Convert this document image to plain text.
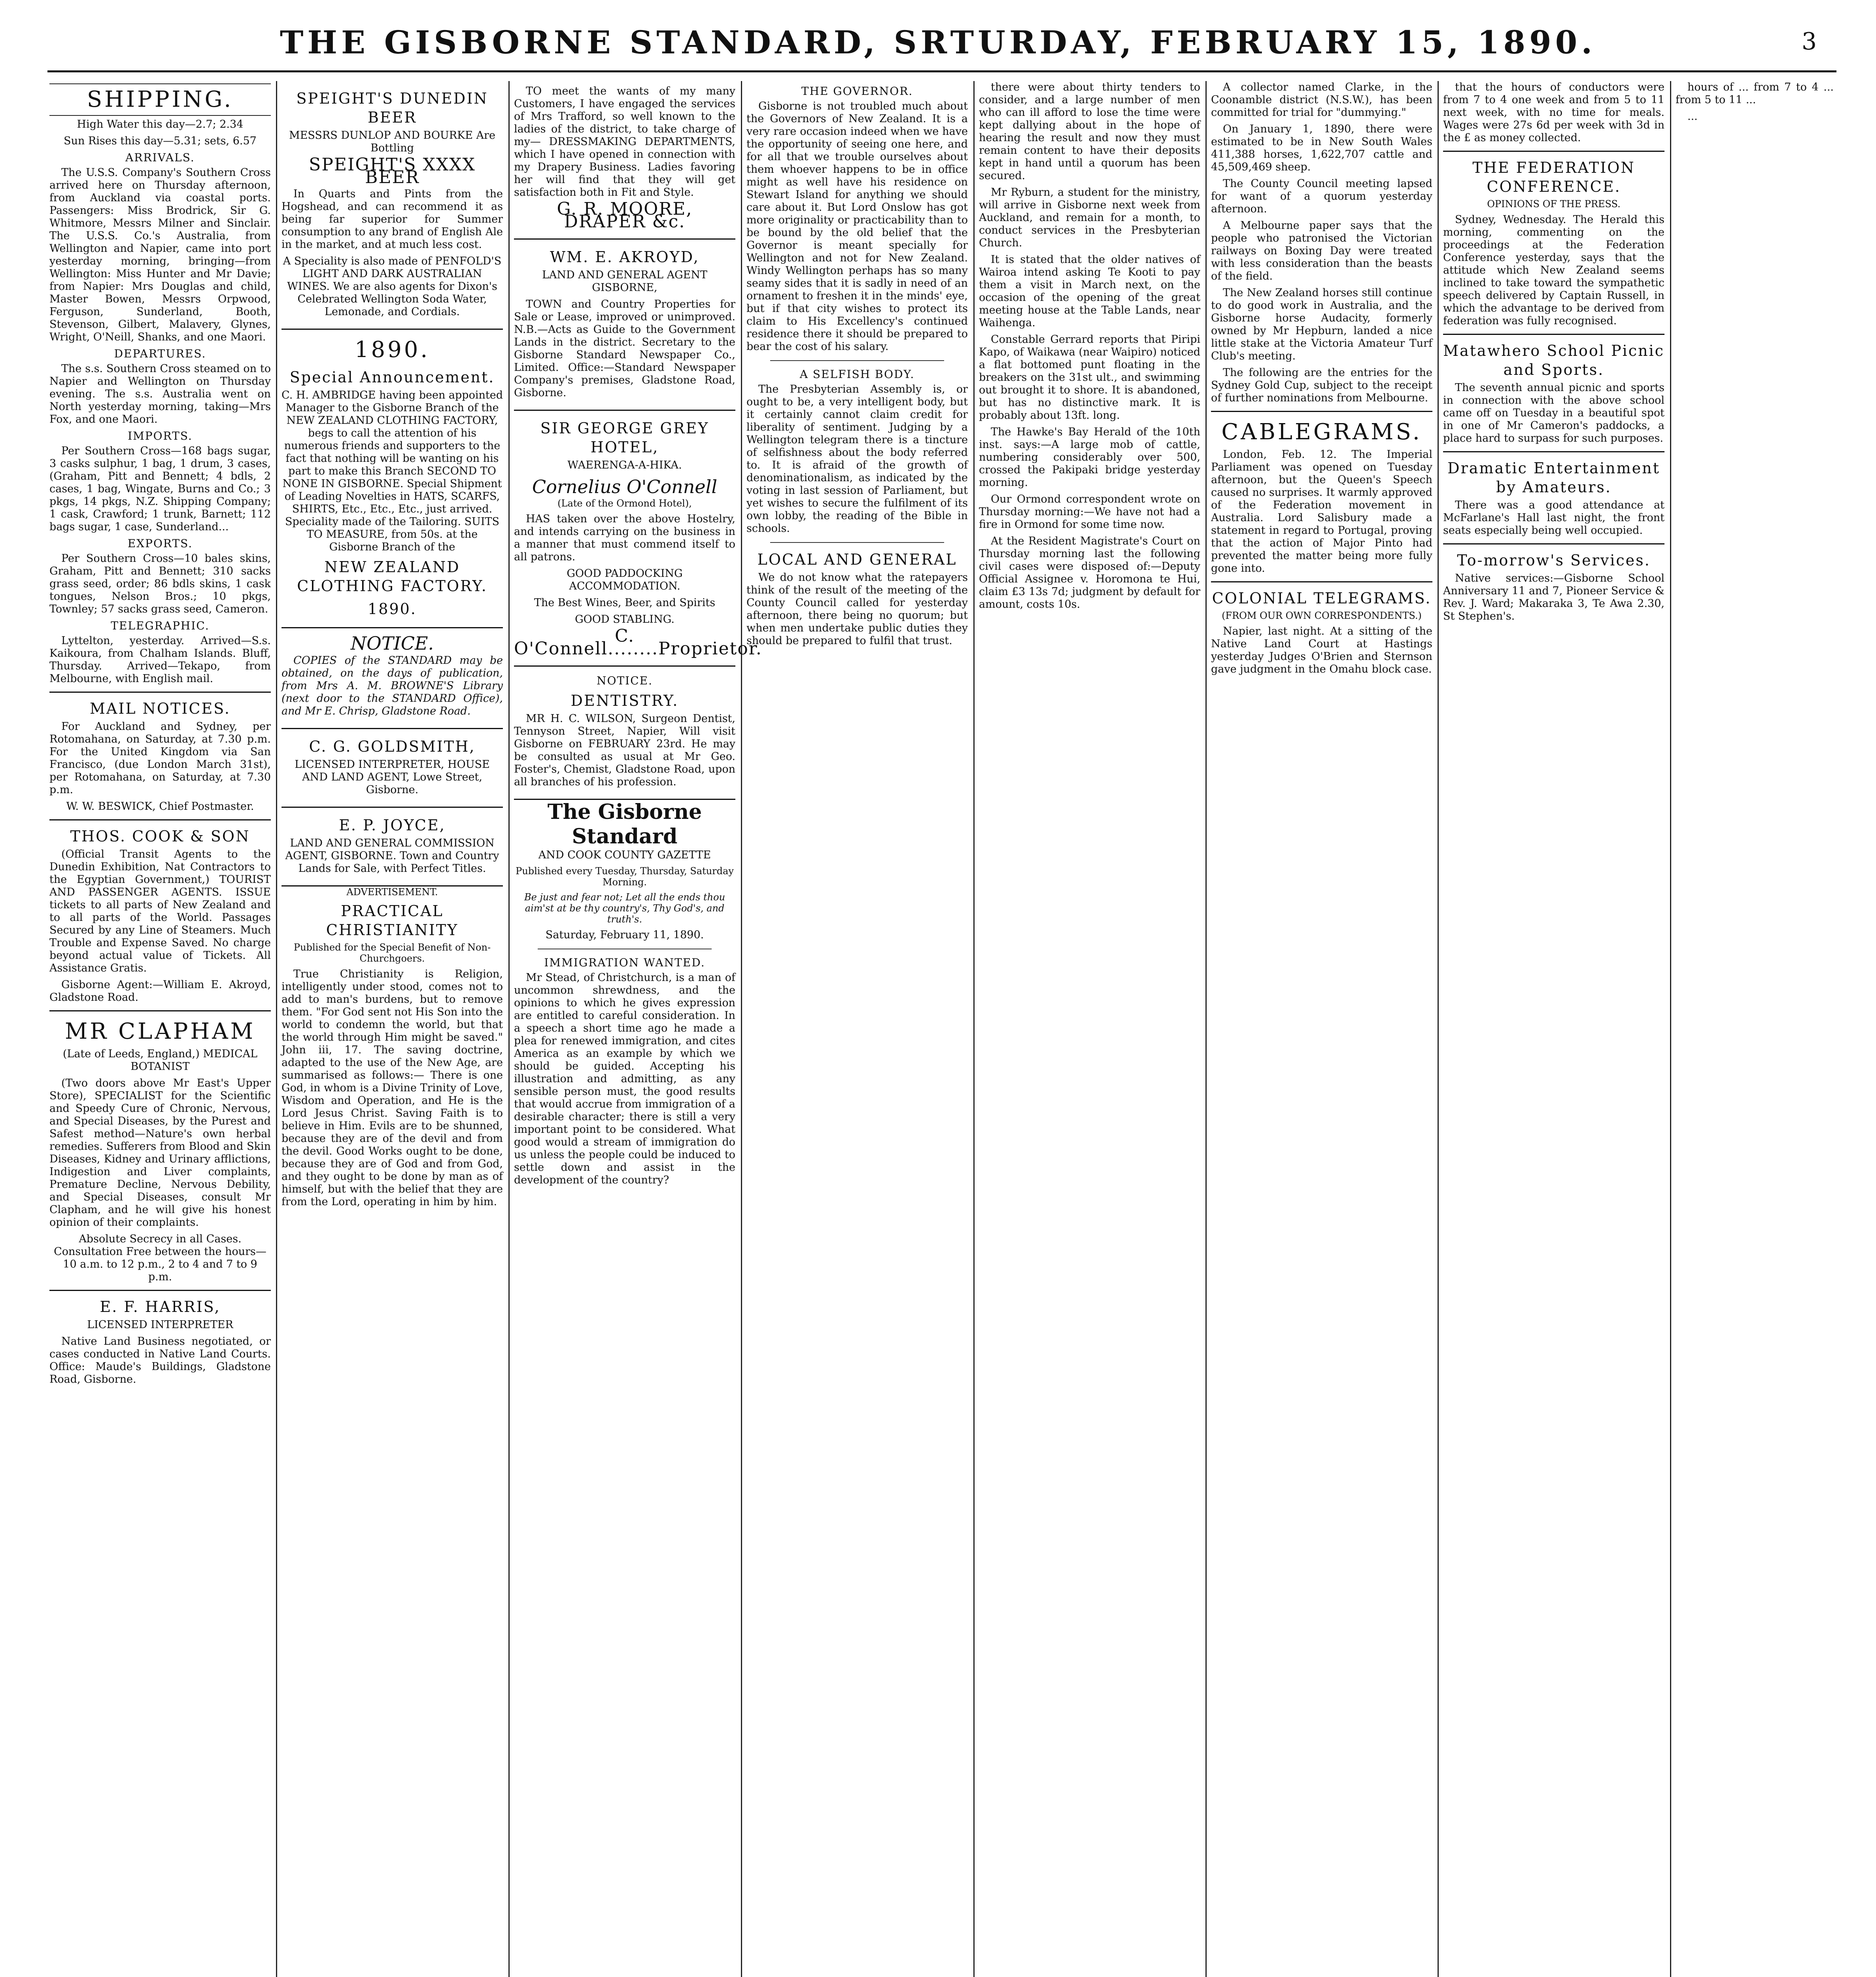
THE GISBORNE STANDARD, SRTURDAY, FEBRUARY 15, 1890.	3
SHIPPING.

High Water this day—2.7; 2.34

Sun Rises this day—5.31; sets, 6.57

ARRIVALS.

The U.S.S. Company's Southern Cross arrived here on Thursday afternoon, from Auckland via coastal ports. Passengers: Miss Brodrick, Sir G. Whitmore, Messrs Milner and Sinclair. The U.S.S. Co.'s Australia, from Wellington and Napier, came into port yesterday morning, bringing—from Wellington: Miss Hunter and Mr Davie; from Napier: Mrs Douglas and child, Master Bowen, Messrs Orpwood, Ferguson, Sunderland, Booth, Stevenson, Gilbert, Malavery, Glynes, Wright, O'Neill, Shanks, and one Maori.

DEPARTURES.

The s.s. Southern Cross steamed on to Napier and Wellington on Thursday evening. The s.s. Australia went on North yesterday morning, taking—Mrs Fox, and one Maori.

IMPORTS.

Per Southern Cross—168 bags sugar, 3 casks sulphur, 1 bag, 1 drum, 3 cases, (Graham, Pitt and Bennett; 4 bdls, 2 cases, 1 bag, Wingate, Burns and Co.; 3 pkgs, 14 pkgs, N.Z. Shipping Company; 1 cask, Crawford; 1 trunk, Barnett; 112 bags sugar, 1 case, Sunderland...

EXPORTS.

Per Southern Cross—10 bales skins, Graham, Pitt and Bennett; 310 sacks grass seed, order; 86 bdls skins, 1 cask tongues, Nelson Bros.; 10 pkgs, Townley; 57 sacks grass seed, Cameron.

TELEGRAPHIC.

Lyttelton, yesterday. Arrived—S.s. Kaikoura, from Chalham Islands. Bluff, Thursday. Arrived—Tekapo, from Melbourne, with English mail.

MAIL NOTICES.

For Auckland and Sydney, per Rotomahana, on Saturday, at 7.30 p.m. For the United Kingdom via San Francisco, (due London March 31st), per Rotomahana, on Saturday, at 7.30 p.m.

W. W. BESWICK, Chief Postmaster.

THOS. COOK & SON

(Official Transit Agents to the Dunedin Exhibition, Nat Contractors to the Egyptian Government,) TOURIST AND PASSENGER AGENTS. ISSUE tickets to all parts of New Zealand and to all parts of the World. Passages Secured by any Line of Steamers. Much Trouble and Expense Saved. No charge beyond actual value of Tickets. All Assistance Gratis.

Gisborne Agent:—William E. Akroyd, Gladstone Road.

MR CLAPHAM

(Late of Leeds, England,) MEDICAL BOTANIST

(Two doors above Mr East's Upper Store), SPECIALIST for the Scientific and Speedy Cure of Chronic, Nervous, and Special Diseases, by the Purest and Safest method—Nature's own herbal remedies. Sufferers from Blood and Skin Diseases, Kidney and Urinary afflictions, Indigestion and Liver complaints, Premature Decline, Nervous Debility, and Special Diseases, consult Mr Clapham, and he will give his honest opinion of their complaints.

Absolute Secrecy in all Cases. Consultation Free between the hours—10 a.m. to 12 p.m., 2 to 4 and 7 to 9 p.m.

E. F. HARRIS,

LICENSED INTERPRETER

Native Land Business negotiated, or cases conducted in Native Land Courts. Office: Maude's Buildings, Gladstone Road, Gisborne.

SPEIGHT'S DUNEDIN BEER

MESSRS DUNLOP AND BOURKE Are Bottling

SPEIGHT'S XXXX BEER

In Quarts and Pints from the Hogshead, and can recommend it as being far superior for Summer consumption to any brand of English Ale in the market, and at much less cost.

A Speciality is also made of PENFOLD'S LIGHT AND DARK AUSTRALIAN WINES. We are also agents for Dixon's Celebrated Wellington Soda Water, Lemonade, and Cordials.

1890.
Special Announcement.

C. H. AMBRIDGE having been appointed Manager to the Gisborne Branch of the NEW ZEALAND CLOTHING FACTORY, begs to call the attention of his numerous friends and supporters to the fact that nothing will be wanting on his part to make this Branch SECOND TO NONE IN GISBORNE. Special Shipment of Leading Novelties in HATS, SCARFS, SHIRTS, Etc., Etc., Etc., just arrived. Speciality made of the Tailoring. SUITS TO MEASURE, from 50s. at the Gisborne Branch of the

NEW ZEALAND CLOTHING FACTORY.
1890.
NOTICE.

COPIES of the STANDARD may be obtained, on the days of publication, from Mrs A. M. BROWNE'S Library (next door to the STANDARD Office), and Mr E. Chrisp, Gladstone Road.

C. G. GOLDSMITH,

LICENSED INTERPRETER, HOUSE AND LAND AGENT, Lowe Street, Gisborne.

E. P. JOYCE,

LAND AND GENERAL COMMISSION AGENT, GISBORNE. Town and Country Lands for Sale, with Perfect Titles.

ADVERTISEMENT.

PRACTICAL CHRISTIANITY

Published for the Special Benefit of Non-Churchgoers.

True Christianity is Religion, intelligently under stood, comes not to add to man's burdens, but to remove them. "For God sent not His Son into the world to condemn the world, but that the world through Him might be saved." John iii, 17. The saving doctrine, adapted to the use of the New Age, are summarised as follows:— There is one God, in whom is a Divine Trinity of Love, Wisdom and Operation, and He is the Lord Jesus Christ. Saving Faith is to believe in Him. Evils are to be shunned, because they are of the devil and from the devil. Good Works ought to be done, because they are of God and from God, and they ought to be done by man as of himself, but with the belief that they are from the Lord, operating in him by him.

TO meet the wants of my many Customers, I have engaged the services of Mrs Trafford, so well known to the ladies of the district, to take charge of my— DRESSMAKING DEPARTMENTS, which I have opened in connection with my Drapery Business. Ladies favoring her will find that they will get satisfaction both in Fit and Style.

G. R. MOORE, DRAPER &c.

WM. E. AKROYD,

LAND AND GENERAL AGENT GISBORNE,

TOWN and Country Properties for Sale or Lease, improved or unimproved. N.B.—Acts as Guide to the Government Lands in the district. Secretary to the Gisborne Standard Newspaper Co., Limited. Office:—Standard Newspaper Company's premises, Gladstone Road, Gisborne.

SIR GEORGE GREY HOTEL,

WAERENGA-A-HIKA.

Cornelius O'Connell

(Late of the Ormond Hotel),

HAS taken over the above Hostelry, and intends carrying on the business in a manner that must commend itself to all patrons.

GOOD PADDOCKING ACCOMMODATION.

The Best Wines, Beer, and Spirits

GOOD STABLING.

C. O'Connell........Proprietor.

NOTICE.
DENTISTRY.

MR H. C. WILSON, Surgeon Dentist, Tennyson Street, Napier, Will visit Gisborne on FEBRUARY 23rd. He may be consulted as usual at Mr Geo. Foster's, Chemist, Gladstone Road, upon all branches of his profession.

The Gisborne Standard

AND COOK COUNTY GAZETTE

Published every Tuesday, Thursday, Saturday Morning.

Be just and fear not; Let all the ends thou aim'st at be thy country's, Thy God's, and truth's.

Saturday, February 11, 1890.

IMMIGRATION WANTED.

Mr Stead, of Christchurch, is a man of uncommon shrewdness, and the opinions to which he gives expression are entitled to careful consideration. In a speech a short time ago he made a plea for renewed immigration, and cites America as an example by which we should be guided. Accepting his illustration and admitting, as any sensible person must, the good results that would accrue from immigration of a desirable character; there is still a very important point to be considered. What good would a stream of immigration do us unless the people could be induced to settle down and assist in the development of the country?

THE GOVERNOR.

Gisborne is not troubled much about the Governors of New Zealand. It is a very rare occasion indeed when we have the opportunity of seeing one here, and for all that we trouble ourselves about them whoever happens to be in office might as well have his residence on Stewart Island for anything we should care about it. But Lord Onslow has got more originality or practicability than to be bound by the old belief that the Governor is meant specially for Wellington and not for New Zealand. Windy Wellington perhaps has so many seamy sides that it is sadly in need of an ornament to freshen it in the minds' eye, but if that city wishes to protect its claim to His Excellency's continued residence there it should be prepared to bear the cost of his salary.

A SELFISH BODY.

The Presbyterian Assembly is, or ought to be, a very intelligent body, but it certainly cannot claim credit for liberality of sentiment. Judging by a Wellington telegram there is a tincture of selfishness about the body referred to. It is afraid of the growth of denominationalism, as indicated by the voting in last session of Parliament, but yet wishes to secure the fulfilment of its own lobby, the reading of the Bible in schools.

LOCAL AND GENERAL

We do not know what the ratepayers think of the result of the meeting of the County Council called for yesterday afternoon, there being no quorum; but when men undertake public duties they should be prepared to fulfil that trust.

there were about thirty tenders to consider, and a large number of men who can ill afford to lose the time were kept dallying about in the hope of hearing the result and now they must remain content to have their deposits kept in hand until a quorum has been secured.

Mr Ryburn, a student for the ministry, will arrive in Gisborne next week from Auckland, and remain for a month, to conduct services in the Presbyterian Church.

It is stated that the older natives of Wairoa intend asking Te Kooti to pay them a visit in March next, on the occasion of the opening of the great meeting house at the Table Lands, near Waihenga.

Constable Gerrard reports that Piripi Kapo, of Waikawa (near Waipiro) noticed a flat bottomed punt floating in the breakers on the 31st ult., and swimming out brought it to shore. It is abandoned, but has no distinctive mark. It is probably about 13ft. long.

The Hawke's Bay Herald of the 10th inst. says:—A large mob of cattle, numbering considerably over 500, crossed the Pakipaki bridge yesterday morning.

Our Ormond correspondent wrote on Thursday morning:—We have not had a fire in Ormond for some time now.

At the Resident Magistrate's Court on Thursday morning last the following civil cases were disposed of:—Deputy Official Assignee v. Horomona te Hui, claim £3 13s 7d; judgment by default for amount, costs 10s.

A collector named Clarke, in the Coonamble district (N.S.W.), has been committed for trial for "dummying."

On January 1, 1890, there were estimated to be in New South Wales 411,388 horses, 1,622,707 cattle and 45,509,469 sheep.

The County Council meeting lapsed for want of a quorum yesterday afternoon.

A Melbourne paper says that the people who patronised the Victorian railways on Boxing Day were treated with less consideration than the beasts of the field.

The New Zealand horses still continue to do good work in Australia, and the Gisborne horse Audacity, formerly owned by Mr Hepburn, landed a nice little stake at the Victoria Amateur Turf Club's meeting.

The following are the entries for the Sydney Gold Cup, subject to the receipt of further nominations from Melbourne.

CABLEGRAMS.

London, Feb. 12. The Imperial Parliament was opened on Tuesday afternoon, but the Queen's Speech caused no surprises. It warmly approved of the Federation movement in Australia. Lord Salisbury made a statement in regard to Portugal, proving that the action of Major Pinto had prevented the matter being more fully gone into.

COLONIAL TELEGRAMS.

(FROM OUR OWN CORRESPONDENTS.)

Napier, last night. At a sitting of the Native Land Court at Hastings yesterday Judges O'Brien and Sternson gave judgment in the Omahu block case.

that the hours of conductors were from 7 to 4 one week and from 5 to 11 next week, with no time for meals. Wages were 27s 6d per week with 3d in the £ as money collected.

THE FEDERATION CONFERENCE.

OPINIONS OF THE PRESS.

Sydney, Wednesday. The Herald this morning, commenting on the proceedings at the Federation Conference yesterday, says that the attitude which New Zealand seems inclined to take toward the sympathetic speech delivered by Captain Russell, in which the advantage to be derived from federation was fully recognised.

Matawhero School Picnic and Sports.

The seventh annual picnic and sports in connection with the above school came off on Tuesday in a beautiful spot in one of Mr Cameron's paddocks, a place hard to surpass for such purposes.

Dramatic Entertainment by Amateurs.

There was a good attendance at McFarlane's Hall last night, the front seats especially being well occupied.

To-morrow's Services.

Native services:—Gisborne School Anniversary 11 and 7, Pioneer Service & Rev. J. Ward; Makaraka 3, Te Awa 2.30, St Stephen's.

hours of ... from 7 to 4 ... from 5 to 11 ...

...
